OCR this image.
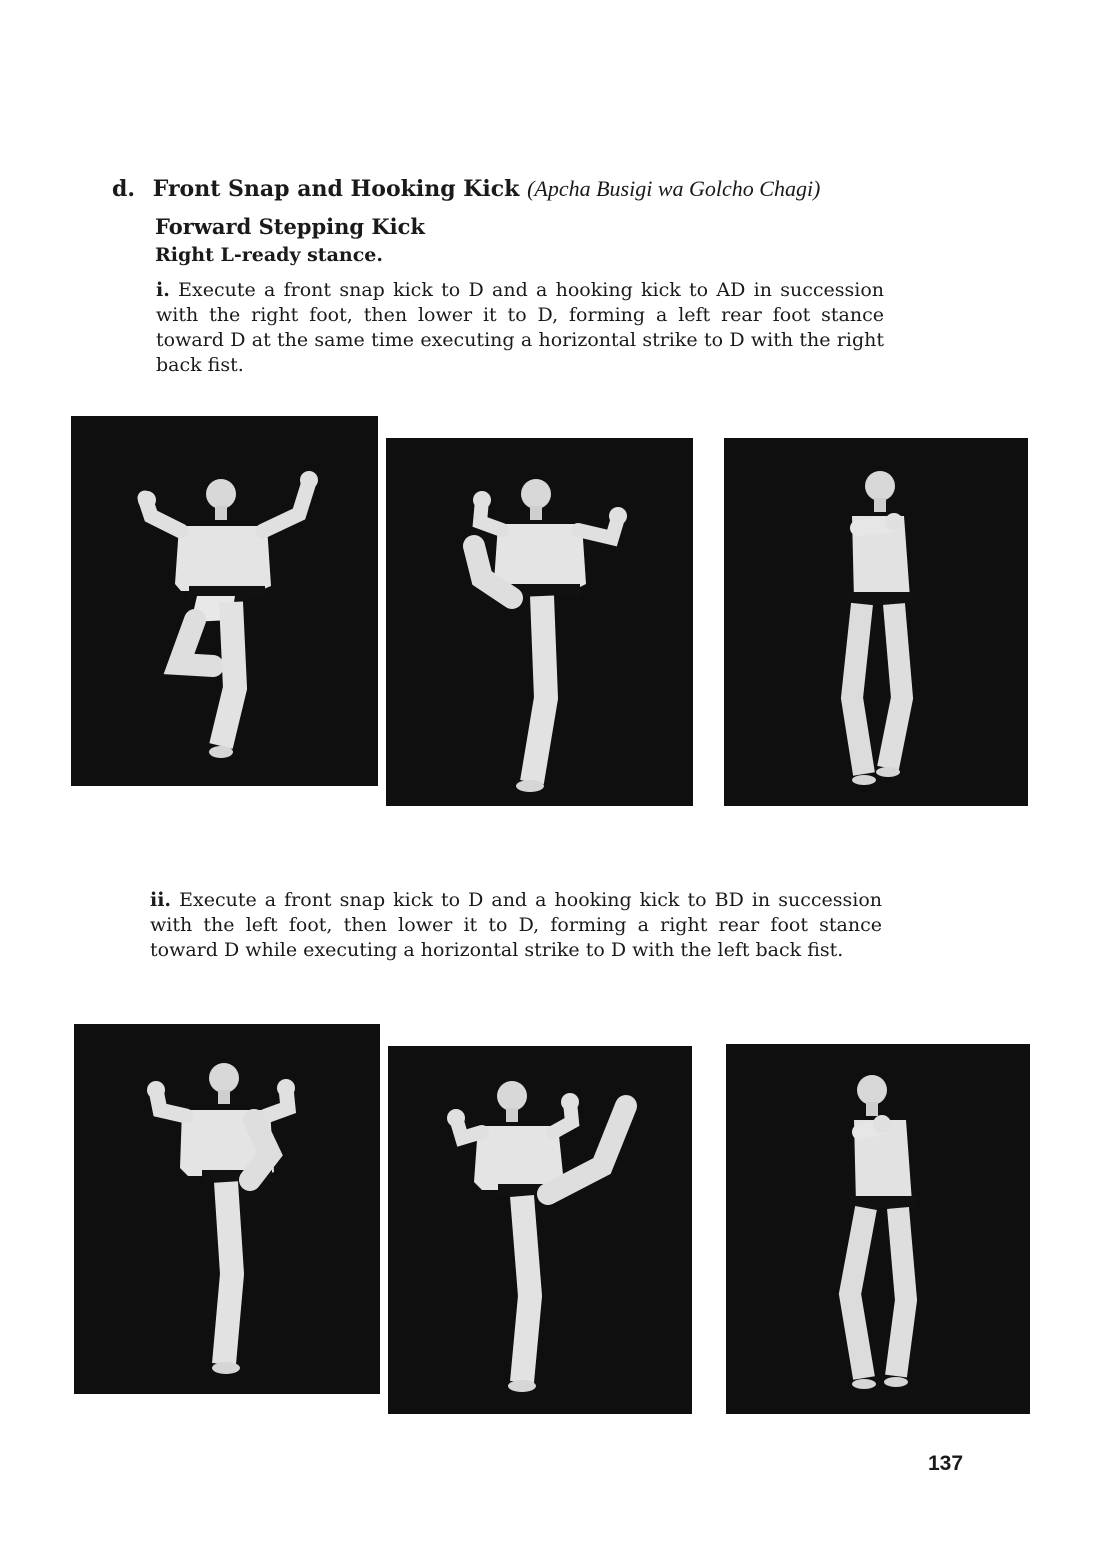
d. Front Snap and Hooking Kick (Apcha Busigi wa Golcho Chagi)
Forward Stepping Kick
Right L-ready stance.
i. Execute a front snap kick to D and a hooking kick to AD in succession with the right foot, then lower it to D, forming a left rear foot stance toward D at the same time executing a horizontal strike to D with the right back fist.
ii. Execute a front snap kick to D and a hooking kick to BD in succession with the left foot, then lower it to D, forming a right rear foot stance toward D while executing a horizontal strike to D with the left back fist.
137
